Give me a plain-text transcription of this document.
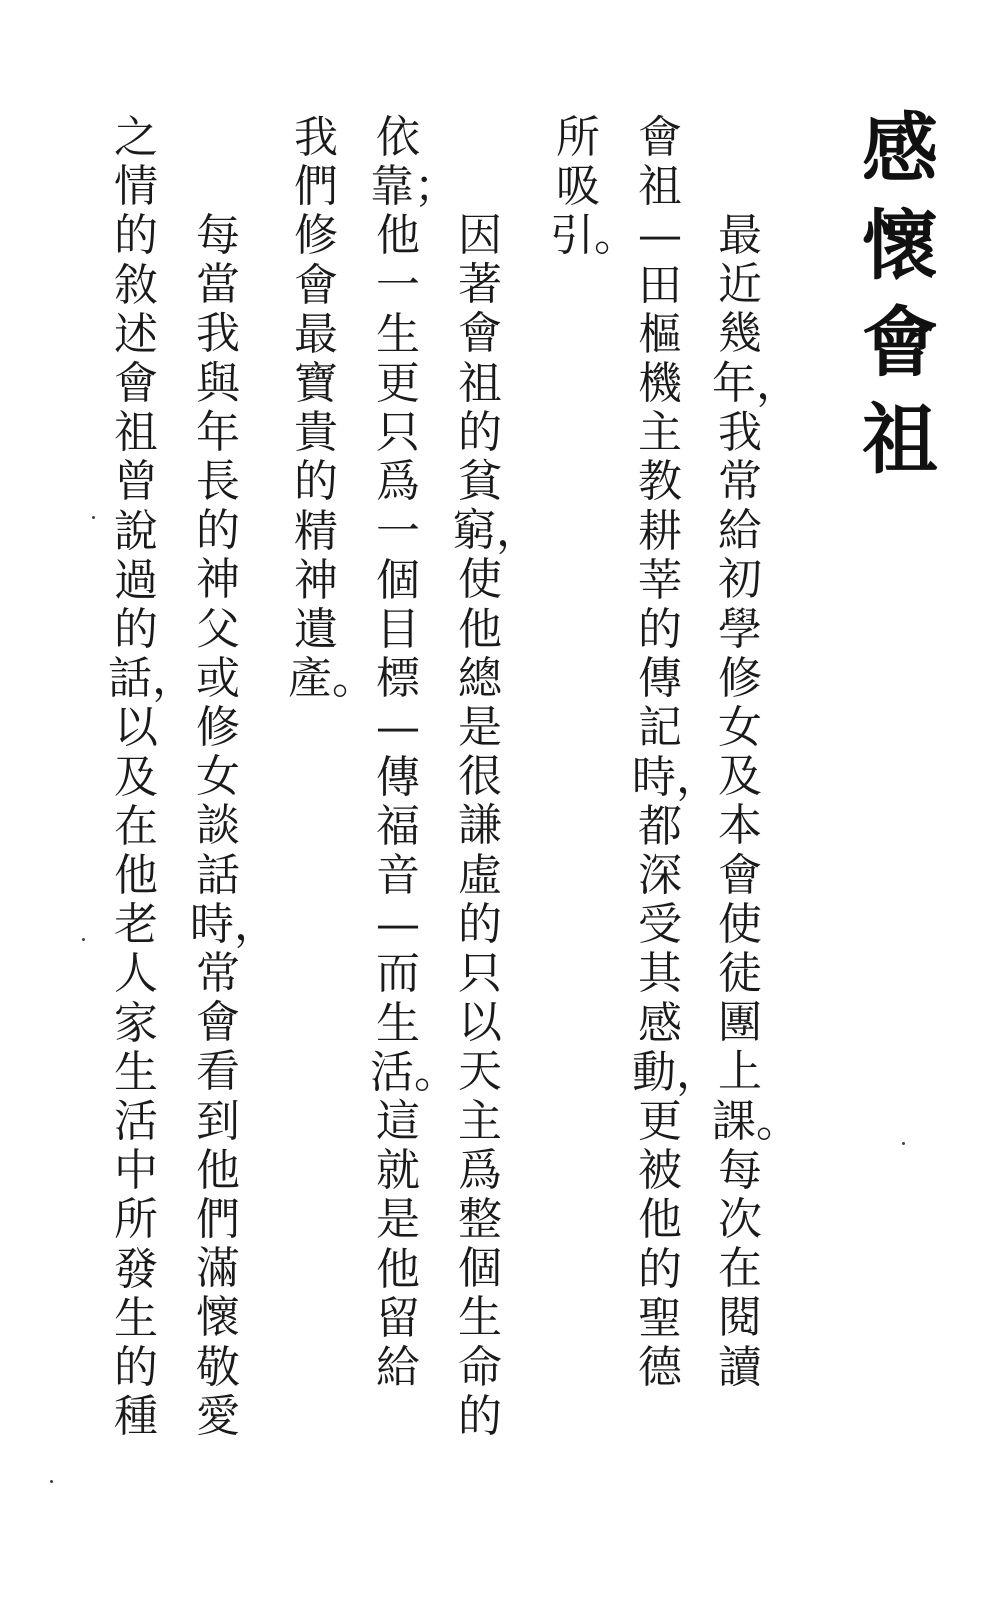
感懷會祖
最近幾年，我常給初學修女及本會使徒團上課。每次在閱讀
會祖—田樞機主教耕莘的傳記時，都深受其感動，更被他的聖德
所吸引。
因著會祖的貧窮，使他總是很謙虛的只以天主爲整個生命的
依靠；他一生更只爲一個目標—傳福音—而生活。這就是他留給
我們修會最寶貴的精神遺產。
每當我與年長的神父或修女談話時，常會看到他們滿懷敬愛
之情的敘述會祖曾說過的話，以及在他老人家生活中所發生的種
